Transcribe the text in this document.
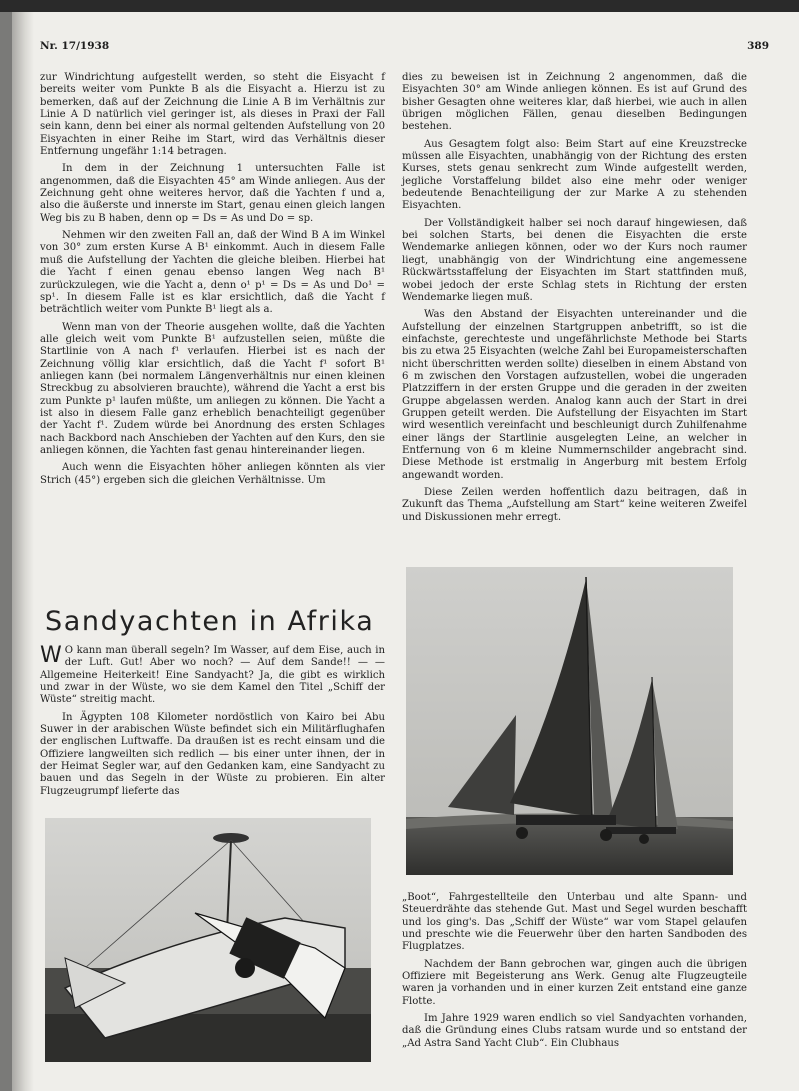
Nr. 17/1938	389

zur Windrichtung aufgestellt werden, so steht die Eisyacht f bereits weiter vom Punkte B als die Eisyacht a. Hierzu ist zu bemerken, daß auf der Zeichnung die Linie A B im Verhältnis zur Linie A D natürlich viel geringer ist, als dieses in Praxi der Fall sein kann, denn bei einer als normal geltenden Aufstellung von 20 Eisyachten in einer Reihe im Start, wird das Verhältnis dieser Entfernung ungefähr 1:14 betragen.

In dem in der Zeichnung 1 untersuchten Falle ist angenommen, daß die Eisyachten 45° am Winde anliegen. Aus der Zeichnung geht ohne weiteres hervor, daß die Yachten f und a, also die äußerste und innerste im Start, genau einen gleich langen Weg bis zu B haben, denn op = Ds = As und Do = sp.

Nehmen wir den zweiten Fall an, daß der Wind B A im Winkel von 30° zum ersten Kurse A B¹ einkommt. Auch in diesem Falle muß die Aufstellung der Yachten die gleiche bleiben. Hierbei hat die Yacht f einen genau ebenso langen Weg nach B¹ zurückzulegen, wie die Yacht a, denn o¹ p¹ = Ds = As und Do¹ = sp¹. In diesem Falle ist es klar ersichtlich, daß die Yacht f beträchtlich weiter vom Punkte B¹ liegt als a.

Wenn man von der Theorie ausgehen wollte, daß die Yachten alle gleich weit vom Punkte B¹ aufzustellen seien, müßte die Startlinie von A nach f¹ verlaufen. Hierbei ist es nach der Zeichnung völlig klar ersichtlich, daß die Yacht f¹ sofort B¹ anliegen kann (bei normalem Längenverhältnis nur einen kleinen Streckbug zu absolvieren brauchte), während die Yacht a erst bis zum Punkte p¹ laufen müßte, um anliegen zu können. Die Yacht a ist also in diesem Falle ganz erheblich benachteiligt gegenüber der Yacht f¹. Zudem würde bei Anordnung des ersten Schlages nach Backbord nach Anschieben der Yachten auf den Kurs, den sie anliegen können, die Yachten fast genau hintereinander liegen.

Auch wenn die Eisyachten höher anliegen könnten als vier Strich (45°) ergeben sich die gleichen Verhältnisse. Um

dies zu beweisen ist in Zeichnung 2 angenommen, daß die Eisyachten 30° am Winde anliegen können. Es ist auf Grund des bisher Gesagten ohne weiteres klar, daß hierbei, wie auch in allen übrigen möglichen Fällen, genau dieselben Bedingungen bestehen.

Aus Gesagtem folgt also: Beim Start auf eine Kreuzstrecke müssen alle Eisyachten, unabhängig von der Richtung des ersten Kurses, stets genau senkrecht zum Winde aufgestellt werden, jegliche Vorstaffelung bildet also eine mehr oder weniger bedeutende Benachteiligung der zur Marke A zu stehenden Eisyachten.

Der Vollständigkeit halber sei noch darauf hingewiesen, daß bei solchen Starts, bei denen die Eisyachten die erste Wendemarke anliegen können, oder wo der Kurs noch raumer liegt, unabhängig von der Windrichtung eine angemessene Rückwärtsstaffelung der Eisyachten im Start stattfinden muß, wobei jedoch der erste Schlag stets in Richtung der ersten Wendemarke liegen muß.

Was den Abstand der Eisyachten untereinander und die Aufstellung der einzelnen Startgruppen anbetrifft, so ist die einfachste, gerechteste und ungefährlichste Methode bei Starts bis zu etwa 25 Eisyachten (welche Zahl bei Europameisterschaften nicht überschritten werden sollte) dieselben in einem Abstand von 6 m zwischen den Vorstagen aufzustellen, wobei die ungeraden Platzziffern in der ersten Gruppe und die geraden in der zweiten Gruppe abgelassen werden. Analog kann auch der Start in drei Gruppen geteilt werden. Die Aufstellung der Eisyachten im Start wird wesentlich vereinfacht und beschleunigt durch Zuhilfenahme einer längs der Startlinie ausgelegten Leine, an welcher in Entfernung von 6 m kleine Nummernschilder angebracht sind. Diese Methode ist erstmalig in Angerburg mit bestem Erfolg angewandt worden.

Diese Zeilen werden hoffentlich dazu beitragen, daß in Zukunft das Thema „Aufstellung am Start“ keine weiteren Zweifel und Diskussionen mehr erregt.

Sandyachten in Afrika

W O kann man überall segeln? Im Wasser, auf dem Eise, auch in der Luft. Gut! Aber wo noch? — Auf dem Sande!! — — Allgemeine Heiterkeit! Eine Sandyacht? Ja, die gibt es wirklich und zwar in der Wüste, wo sie dem Kamel den Titel „Schiff der Wüste“ streitig macht.

In Ägypten 108 Kilometer nordöstlich von Kairo bei Abu Suwer in der arabischen Wüste befindet sich ein Militärflughafen der englischen Luftwaffe. Da draußen ist es recht einsam und die Offiziere langweilten sich redlich — bis einer unter ihnen, der in der Heimat Segler war, auf den Gedanken kam, eine Sandyacht zu bauen und das Segeln in der Wüste zu probieren. Ein alter Flugzeugrumpf lieferte das

„Boot“, Fahrgestellteile den Unterbau und alte Spann- und Steuerdrähte das stehende Gut. Mast und Segel wurden beschafft und los ging's. Das „Schiff der Wüste“ war vom Stapel gelaufen und preschte wie die Feuerwehr über den harten Sandboden des Flugplatzes.

Nachdem der Bann gebrochen war, gingen auch die übrigen Offiziere mit Begeisterung ans Werk. Genug alte Flugzeugteile waren ja vorhanden und in einer kurzen Zeit entstand eine ganze Flotte.

Im Jahre 1929 waren endlich so viel Sandyachten vorhanden, daß die Gründung eines Clubs ratsam wurde und so entstand der „Ad Astra Sand Yacht Club“. Ein Clubhaus
